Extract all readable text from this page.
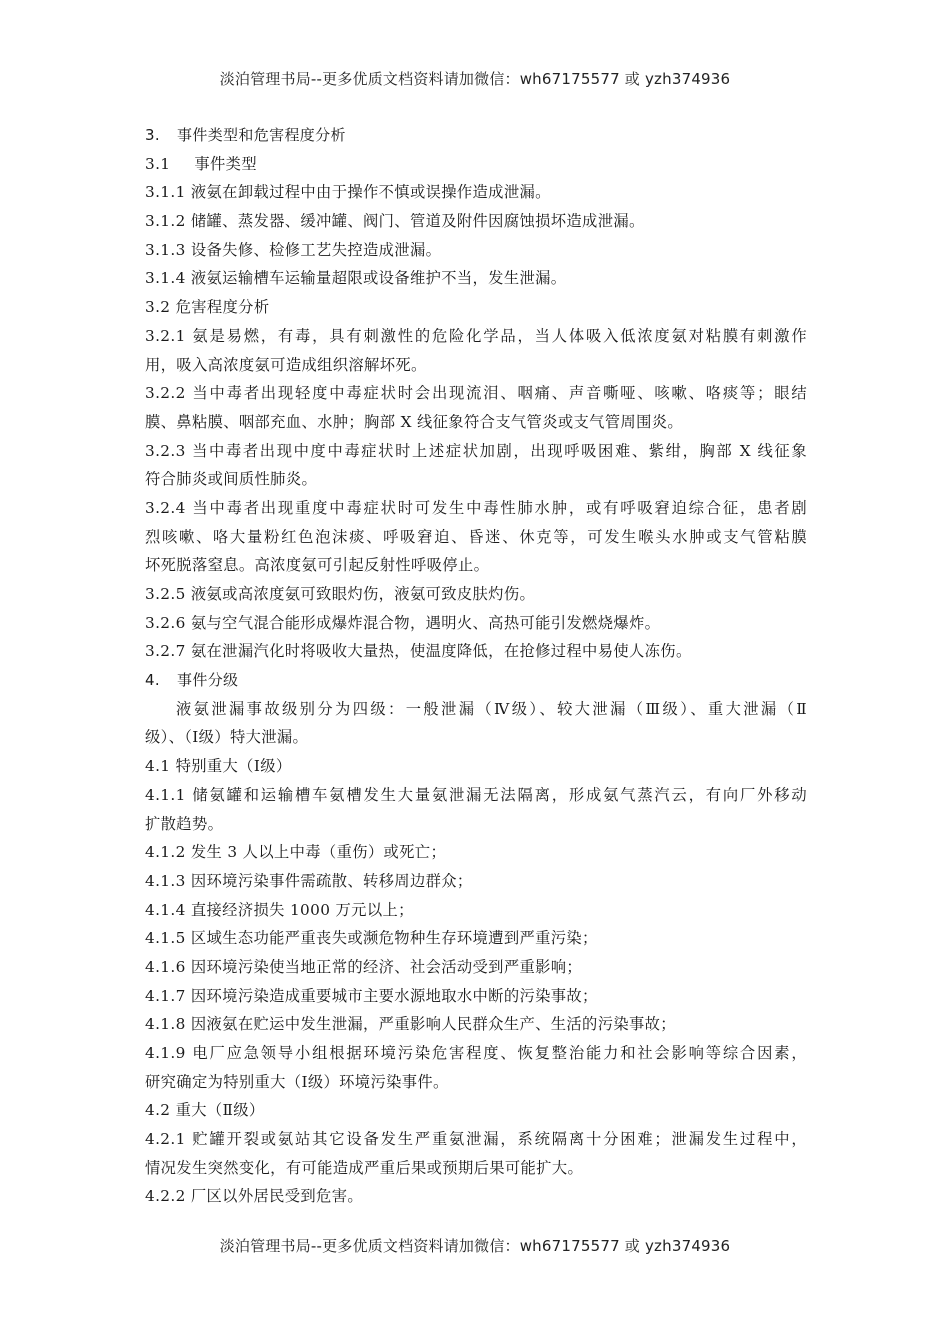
淡泊管理书局--更多优质文档资料请加微信：wh67175577 或 yzh374936
3. 事件类型和危害程度分析
3.1 事件类型
3.1.1 液氨在卸载过程中由于操作不慎或误操作造成泄漏。
3.1.2 储罐、蒸发器、缓冲罐、阀门、管道及附件因腐蚀损坏造成泄漏。
3.1.3 设备失修、检修工艺失控造成泄漏。
3.1.4 液氨运输槽车运输量超限或设备维护不当，发生泄漏。
3.2 危害程度分析
3.2.1 氨是易燃，有毒，具有刺激性的危险化学品，当人体吸入低浓度氨对粘膜有刺激作
用，吸入高浓度氨可造成组织溶解坏死。
3.2.2 当中毒者出现轻度中毒症状时会出现流泪、咽痛、声音嘶哑、咳嗽、咯痰等；眼结
膜、鼻粘膜、咽部充血、水肿；胸部 X 线征象符合支气管炎或支气管周围炎。
3.2.3 当中毒者出现中度中毒症状时上述症状加剧，出现呼吸困难、紫绀，胸部 X 线征象
符合肺炎或间质性肺炎。
3.2.4 当中毒者出现重度中毒症状时可发生中毒性肺水肿，或有呼吸窘迫综合征，患者剧
烈咳嗽、咯大量粉红色泡沫痰、呼吸窘迫、昏迷、休克等，可发生喉头水肿或支气管粘膜
坏死脱落窒息。高浓度氨可引起反射性呼吸停止。
3.2.5 液氨或高浓度氨可致眼灼伤，液氨可致皮肤灼伤。
3.2.6 氨与空气混合能形成爆炸混合物，遇明火、高热可能引发燃烧爆炸。
3.2.7 氨在泄漏汽化时将吸收大量热，使温度降低，在抢修过程中易使人冻伤。
4. 事件分级
液氨泄漏事故级别分为四级：一般泄漏（Ⅳ级）、较大泄漏（Ⅲ级）、重大泄漏（Ⅱ
级）、（Ⅰ级）特大泄漏。
4.1 特别重大（Ⅰ级）
4.1.1 储氨罐和运输槽车氨槽发生大量氨泄漏无法隔离，形成氨气蒸汽云，有向厂外移动
扩散趋势。
4.1.2 发生 3 人以上中毒（重伤）或死亡；
4.1.3 因环境污染事件需疏散、转移周边群众；
4.1.4 直接经济损失 1000 万元以上；
4.1.5 区域生态功能严重丧失或濒危物种生存环境遭到严重污染；
4.1.6 因环境污染使当地正常的经济、社会活动受到严重影响；
4.1.7 因环境污染造成重要城市主要水源地取水中断的污染事故；
4.1.8 因液氨在贮运中发生泄漏，严重影响人民群众生产、生活的污染事故；
4.1.9 电厂应急领导小组根据环境污染危害程度、恢复整治能力和社会影响等综合因素，
研究确定为特别重大（Ⅰ级）环境污染事件。
4.2 重大（Ⅱ级）
4.2.1 贮罐开裂或氨站其它设备发生严重氨泄漏，系统隔离十分困难；泄漏发生过程中，
情况发生突然变化，有可能造成严重后果或预期后果可能扩大。
4.2.2 厂区以外居民受到危害。
淡泊管理书局--更多优质文档资料请加微信：wh67175577 或 yzh374936
